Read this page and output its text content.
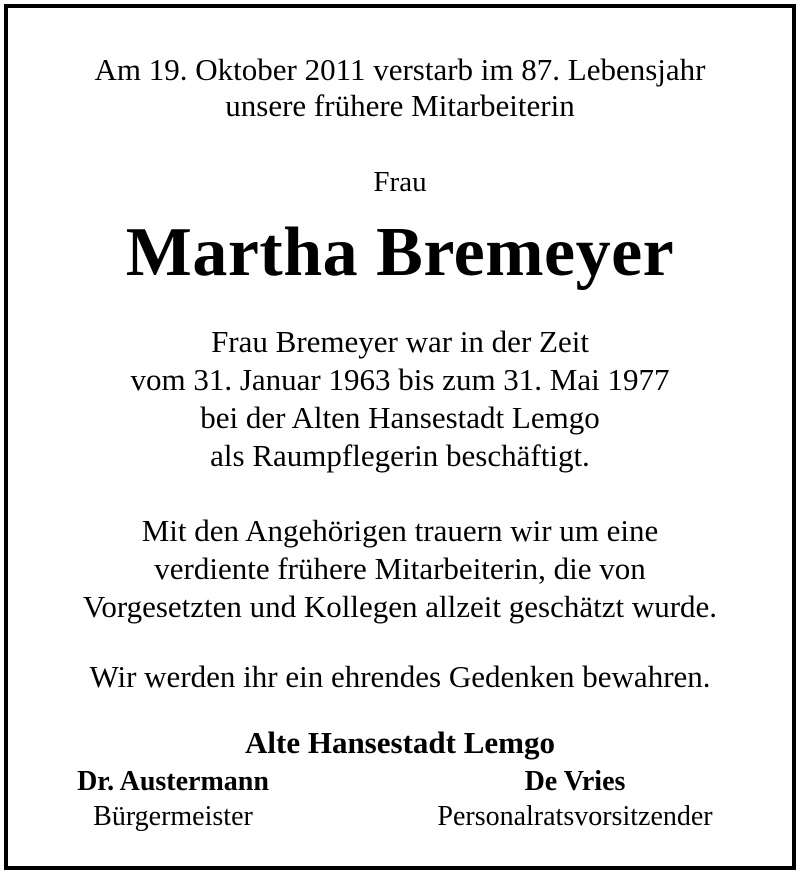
Am 19. Oktober 2011 verstarb im 87. Lebensjahr
unsere frühere Mitarbeiterin
Frau
Martha Bremeyer
Frau Bremeyer war in der Zeit
vom 31. Januar 1963 bis zum 31. Mai 1977
bei der Alten Hansestadt Lemgo
als Raumpflegerin beschäftigt.
Mit den Angehörigen trauern wir um eine
verdiente frühere Mitarbeiterin, die von
Vorgesetzten und Kollegen allzeit geschätzt wurde.
Wir werden ihr ein ehrendes Gedenken bewahren.
Alte Hansestadt Lemgo
Dr. Austermann
Bürgermeister
De Vries
Personalratsvorsitzender
